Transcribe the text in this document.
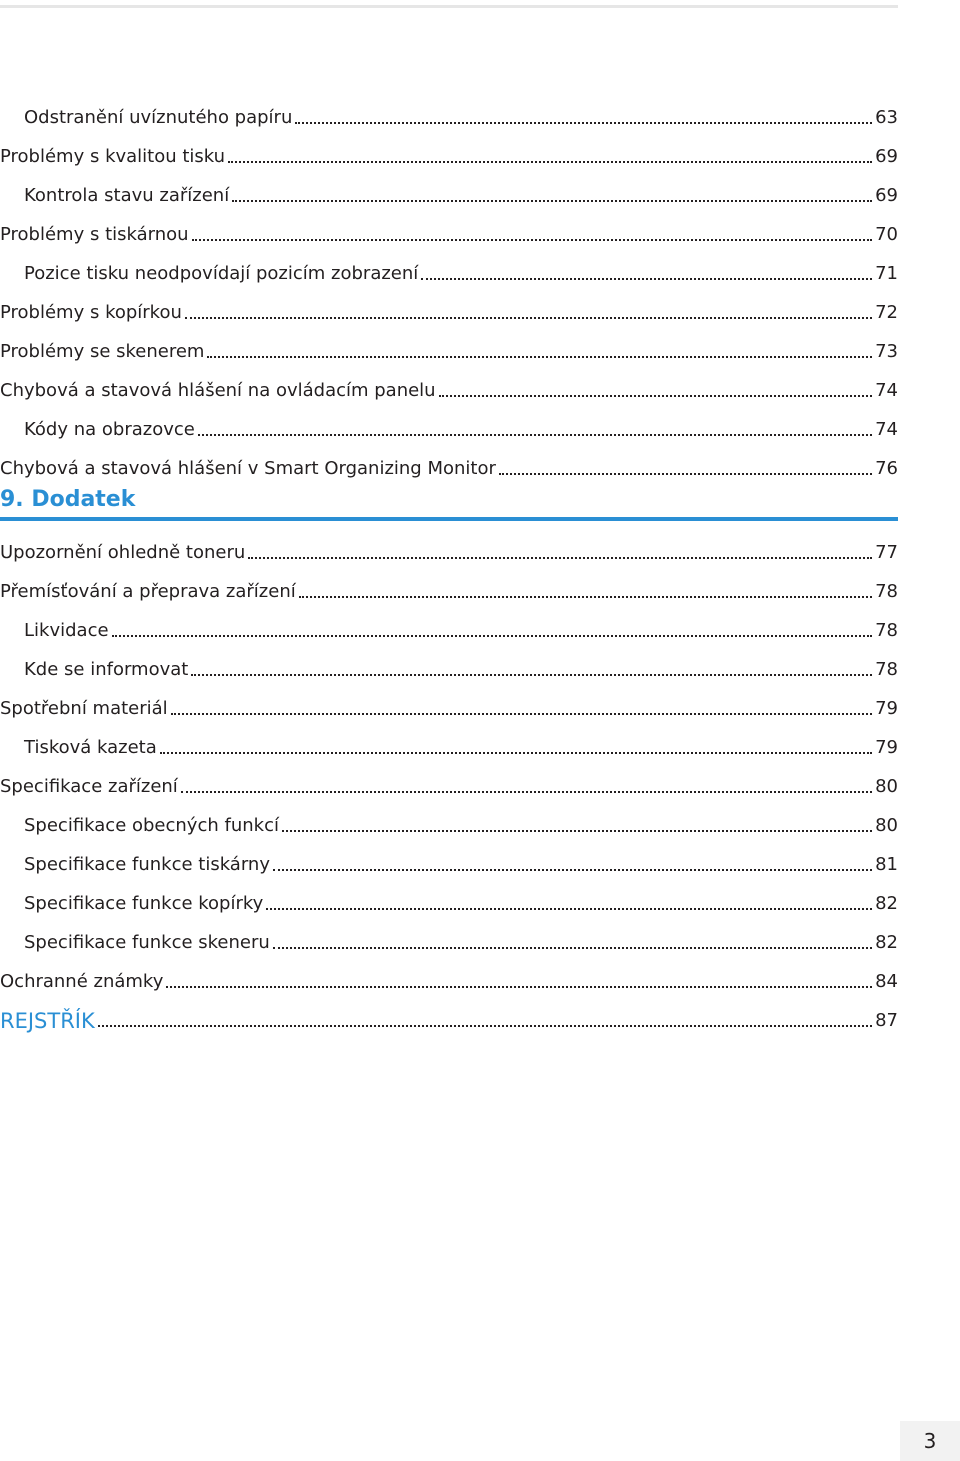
Odstranění uvíznutého papíru	63
Problémy s kvalitou tisku	69
Kontrola stavu zařízení	69
Problémy s tiskárnou	70
Pozice tisku neodpovídají pozicím zobrazení	71
Problémy s kopírkou	72
Problémy se skenerem	73
Chybová a stavová hlášení na ovládacím panelu	74
Kódy na obrazovce	74
Chybová a stavová hlášení v Smart Organizing Monitor	76
9. Dodatek
Upozornění ohledně toneru	77
Přemísťování a přeprava zařízení	78
Likvidace	78
Kde se informovat	78
Spotřební materiál	79
Tisková kazeta	79
Specifikace zařízení	80
Specifikace obecných funkcí	80
Specifikace funkce tiskárny	81
Specifikace funkce kopírky	82
Specifikace funkce skeneru	82
Ochranné známky	84
REJSTŘÍK	87
3
